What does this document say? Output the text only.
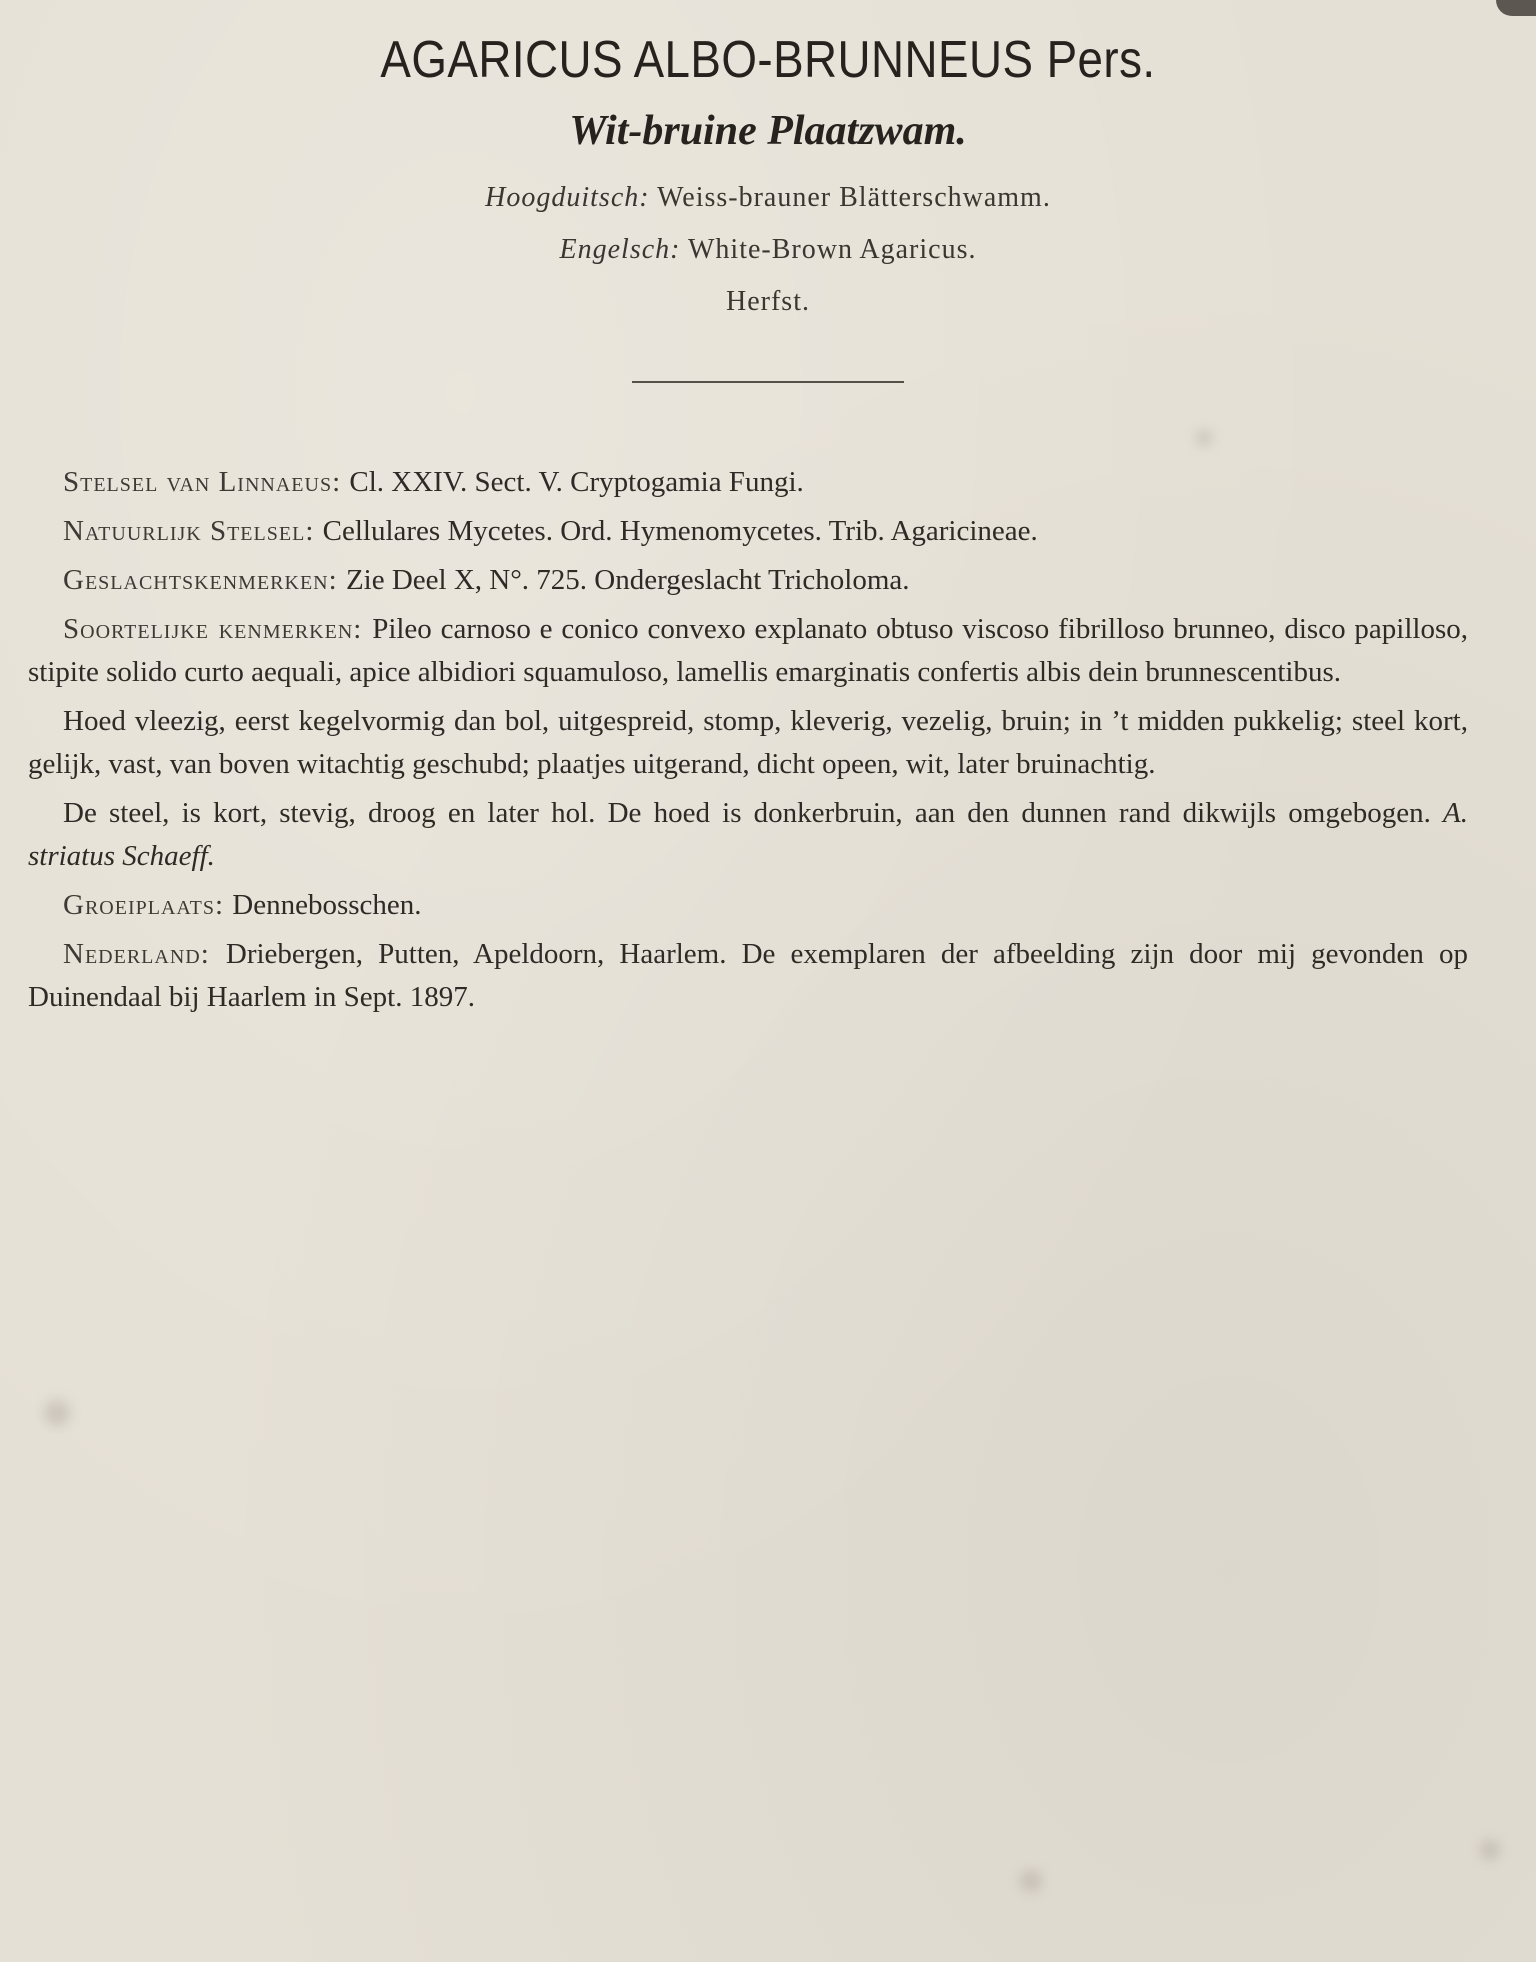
AGARICUS ALBO-BRUNNEUS Pers.
Wit-bruine Plaatzwam.
Hoogduitsch: Weiss-brauner Blätterschwamm.
Engelsch: White-Brown Agaricus.
Herfst.

Stelsel van Linnaeus: Cl. XXIV. Sect. V. Cryptogamia Fungi.

Natuurlijk Stelsel: Cellulares Mycetes. Ord. Hymenomycetes. Trib. Agaricineae.

Geslachtskenmerken: Zie Deel X, N°. 725. Ondergeslacht Tricholoma.

Soortelijke kenmerken: Pileo carnoso e conico convexo explanato obtuso viscoso fibrilloso brunneo, disco papilloso, stipite solido curto aequali, apice albidiori squamuloso, lamellis emarginatis confertis albis dein brunnescentibus.

Hoed vleezig, eerst kegelvormig dan bol, uitgespreid, stomp, kleverig, vezelig, bruin; in ’t midden pukkelig; steel kort, gelijk, vast, van boven witachtig geschubd; plaatjes uitgerand, dicht opeen, wit, later bruinachtig.

De steel, is kort, stevig, droog en later hol. De hoed is donkerbruin, aan den dunnen rand dikwijls omgebogen. A. striatus Schaeff.

Groeiplaats: Dennebosschen.

Nederland: Driebergen, Putten, Apeldoorn, Haarlem. De exemplaren der afbeelding zijn door mij gevonden op Duinendaal bij Haarlem in Sept. 1897.
